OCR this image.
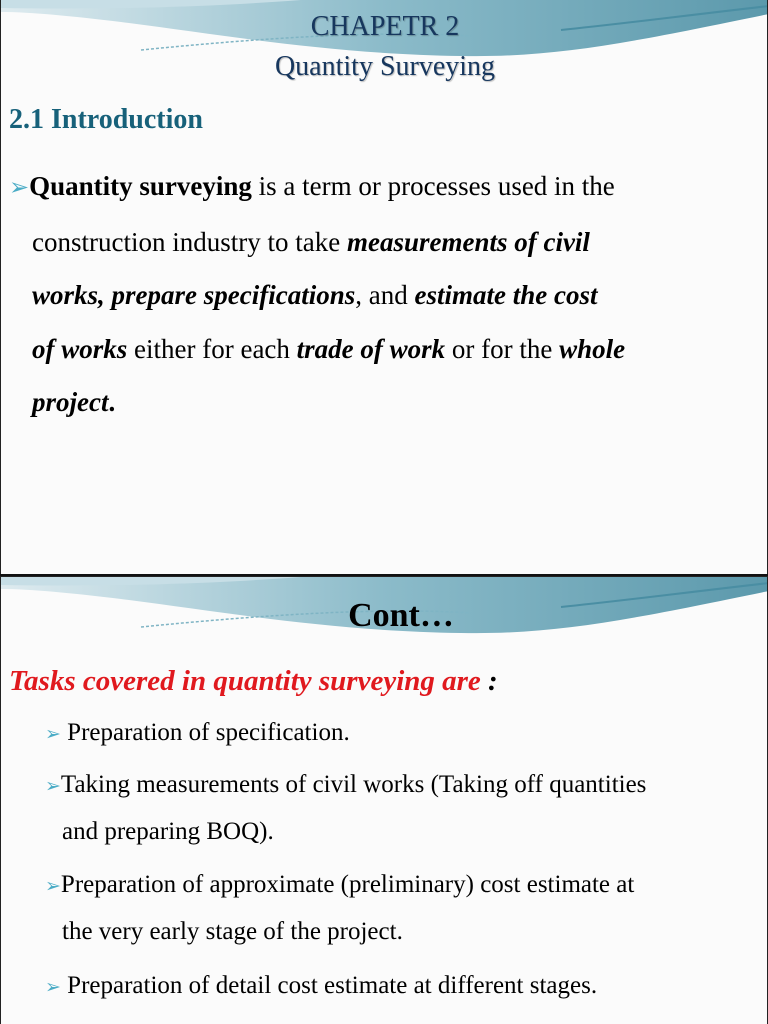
CHAPETR 2
Quantity Surveying
2.1 Introduction
➢Quantity surveying is a term or processes used in the
construction industry to take measurements of civil
works, prepare specifications, and estimate the cost
of works either for each trade of work or for the whole
project.
Cont…
Tasks covered in quantity surveying are :
➢ Preparation of specification.
➢Taking measurements of civil works (Taking off quantities
and preparing BOQ).
➢Preparation of approximate (preliminary) cost estimate at
the very early stage of the project.
➢ Preparation of detail cost estimate at different stages.
